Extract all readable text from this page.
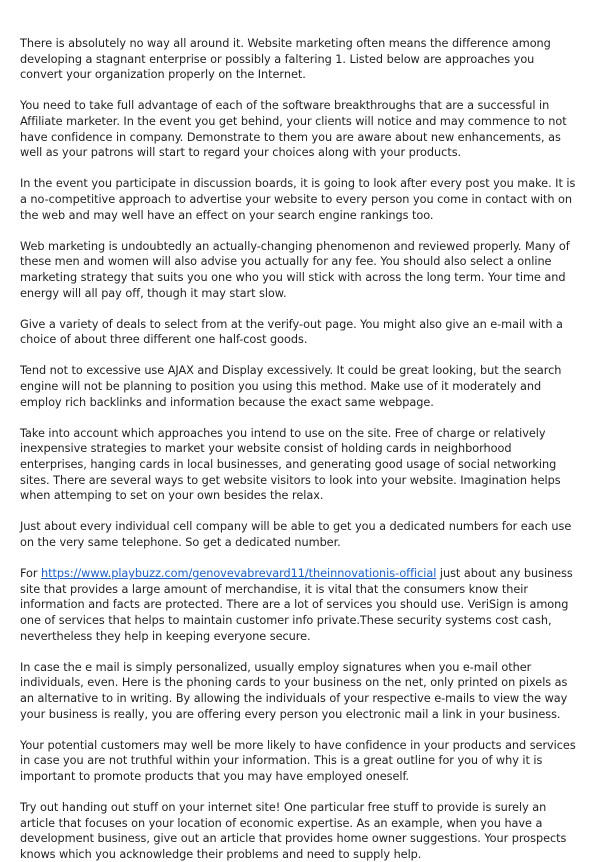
There is absolutely no way all around it. Website marketing often means the difference among developing a stagnant enterprise or possibly a faltering 1. Listed below are approaches you convert your organization properly on the Internet.

You need to take full advantage of each of the software breakthroughs that are a successful in Affiliate marketer. In the event you get behind, your clients will notice and may commence to not have confidence in company. Demonstrate to them you are aware about new enhancements, as well as your patrons will start to regard your choices along with your products.

In the event you participate in discussion boards, it is going to look after every post you make. It is a no-competitive approach to advertise your website to every person you come in contact with on the web and may well have an effect on your search engine rankings too.

Web marketing is undoubtedly an actually-changing phenomenon and reviewed properly. Many of these men and women will also advise you actually for any fee. You should also select a online marketing strategy that suits you one who you will stick with across the long term. Your time and energy will all pay off, though it may start slow.

Give a variety of deals to select from at the verify-out page. You might also give an e-mail with a choice of about three different one half-cost goods.

Tend not to excessive use AJAX and Display excessively. It could be great looking, but the search engine will not be planning to position you using this method. Make use of it moderately and employ rich backlinks and information because the exact same webpage.

Take into account which approaches you intend to use on the site. Free of charge or relatively inexpensive strategies to market your website consist of holding cards in neighborhood enterprises, hanging cards in local businesses, and generating good usage of social networking sites. There are several ways to get website visitors to look into your website. Imagination helps when attemping to set on your own besides the relax.

Just about every individual cell company will be able to get you a dedicated numbers for each use on the very same telephone. So get a dedicated number.

For https://www.playbuzz.com/genovevabrevard11/theinnovationis-official just about any business site that provides a large amount of merchandise, it is vital that the consumers know their information and facts are protected. There are a lot of services you should use. VeriSign is among one of services that helps to maintain customer info private.These security systems cost cash, nevertheless they help in keeping everyone secure.

In case the e mail is simply personalized, usually employ signatures when you e-mail other individuals, even. Here is the phoning cards to your business on the net, only printed on pixels as an alternative to in writing. By allowing the individuals of your respective e-mails to view the way your business is really, you are offering every person you electronic mail a link in your business.

Your potential customers may well be more likely to have confidence in your products and services in case you are not truthful within your information. This is a great outline for you of why it is important to promote products that you may have employed oneself.

Try out handing out stuff on your internet site! One particular free stuff to provide is surely an article that focuses on your location of economic expertise. As an example, when you have a development business, give out an article that provides home owner suggestions. Your prospects knows which you acknowledge their problems and need to supply help.
